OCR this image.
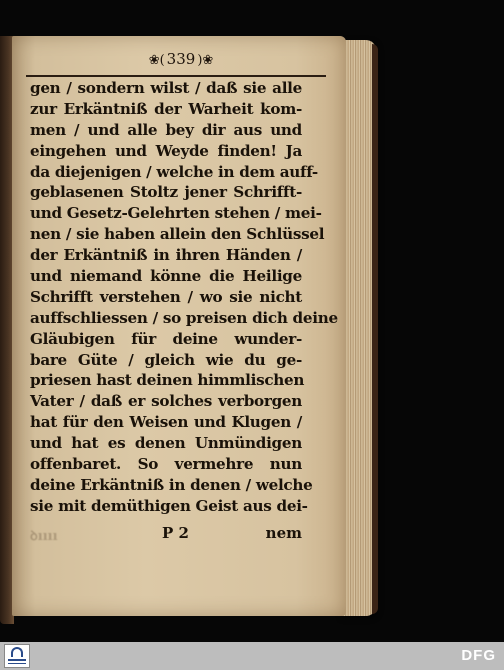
❀( 339 )❀
gen / sondern wilst / daß sie alle
zur Erkäntniß der Warheit kom-
men / und alle bey dir aus und
eingehen und Weyde finden! Ja
da diejenigen / welche in dem auff-
geblasenen Stoltz jener Schrifft-
und Gesetz-Gelehrten stehen / mei-
nen / sie haben allein den Schlüssel
der Erkäntniß in ihren Händen /
und niemand könne die Heilige
Schrifft verstehen / wo sie nicht
auffschliessen / so preisen dich deine
Gläubigen für deine wunder-
bare Güte / gleich wie du ge-
priesen hast deinen himmlischen
Vater / daß er solches verborgen
hat für den Weisen und Klugen /
und hat es denen Unmündigen
offenbaret. So vermehre nun
deine Erkäntniß in denen / welche
sie mit demüthigen Geist aus dei-
ꝺıııı	P 2	nem
DFG
